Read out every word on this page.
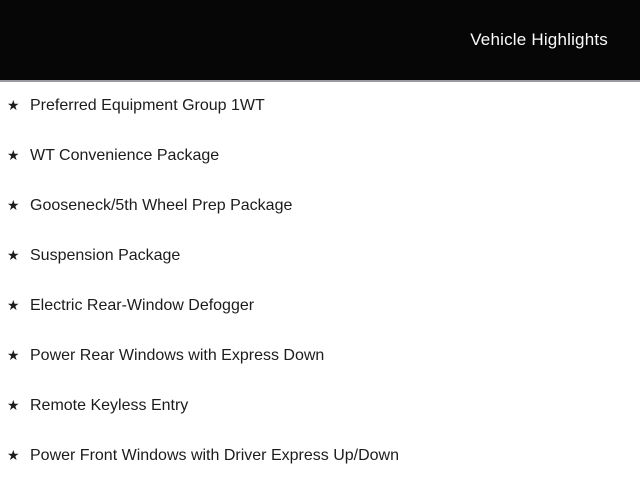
Vehicle Highlights
★ Preferred Equipment Group 1WT
★ WT Convenience Package
★ Gooseneck/5th Wheel Prep Package
★ Suspension Package
★ Electric Rear-Window Defogger
★ Power Rear Windows with Express Down
★ Remote Keyless Entry
★ Power Front Windows with Driver Express Up/Down
